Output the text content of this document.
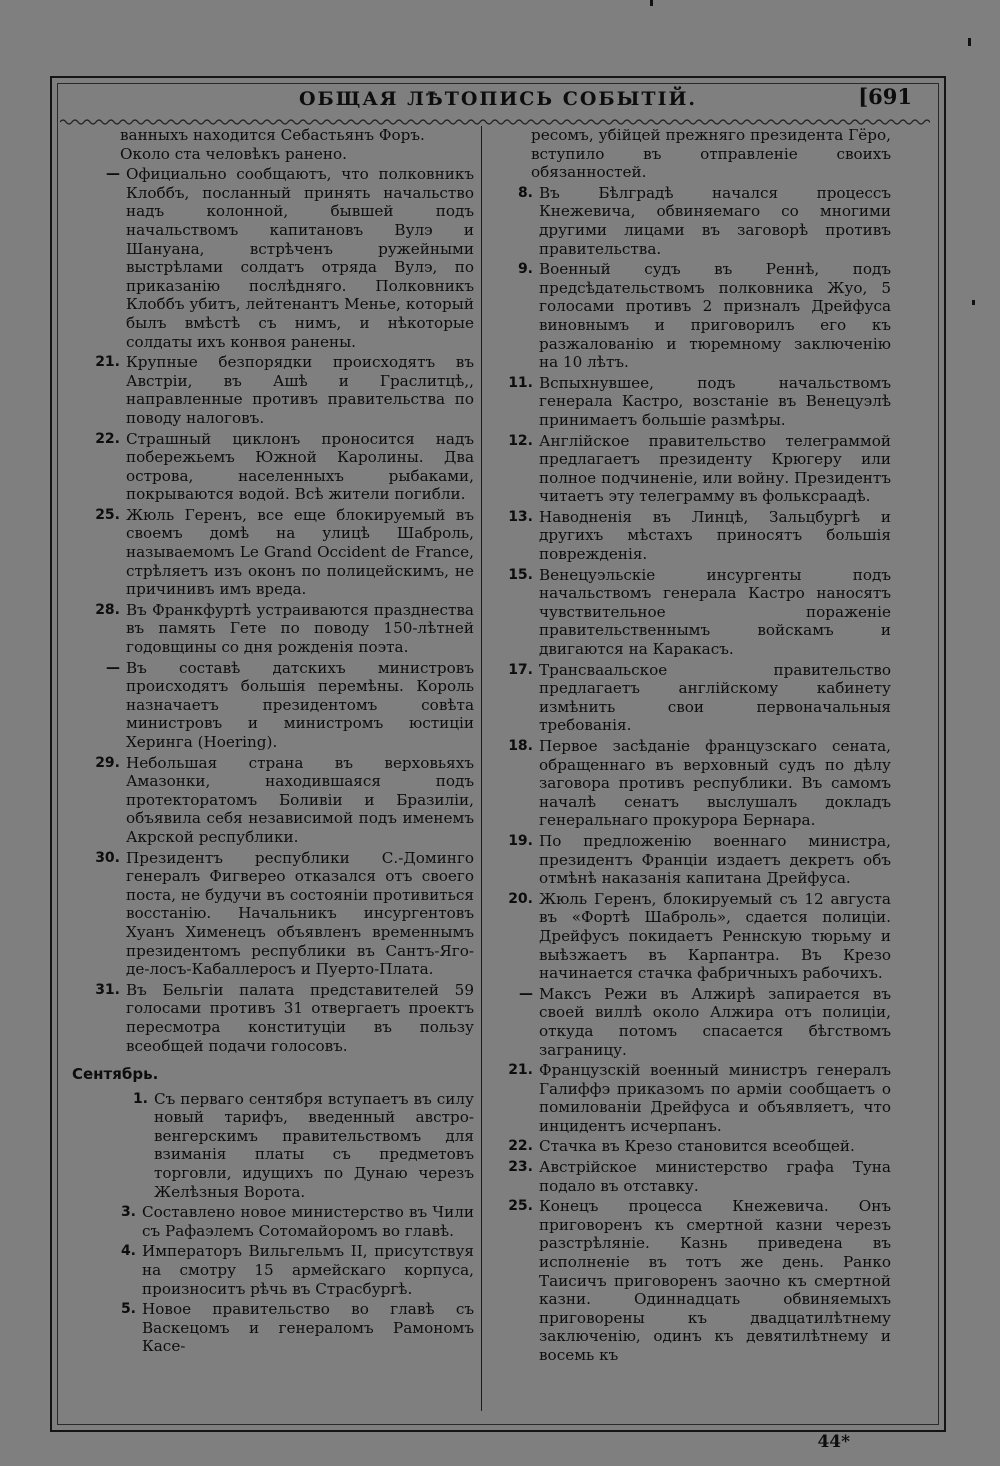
ОБЩАЯ ЛѢТОПИСЬ СОБЫТІЙ.	[691
ванныхъ находится Себастьянъ Форъ.
Около ста человѣкъ ранено.
— Официально сообщаютъ, что полковникъ Клоббъ, посланный принять начальство надъ колонной, бывшей подъ начальствомъ капитановъ Вулэ и Шануана, встрѣченъ ружейными выстрѣлами солдатъ отряда Вулэ, по приказанію послѣдняго. Полковникъ Клоббъ убитъ, лейтенантъ Менье, который былъ вмѣстѣ съ нимъ, и нѣкоторые солдаты ихъ конвоя ранены.
21. Крупные безпорядки происходятъ въ Австріи, въ Ашѣ и Граслитцѣ,, направленные противъ правительства по поводу налоговъ.
22. Страшный циклонъ проносится надъ побережьемъ Южной Каролины. Два острова, населенныхъ рыбаками, покрываются водой. Всѣ жители погибли.
25. Жюль Геренъ, все еще блокируемый въ своемъ домѣ на улицѣ Шаброль, называемомъ Le Grand Occident de France, стрѣляетъ изъ оконъ по полицейскимъ, не причинивъ имъ вреда.
28. Въ Франкфуртѣ устраиваются празднества въ память Гете по поводу 150-лѣтней годовщины со дня рожденія поэта.
— Въ составѣ датскихъ министровъ происходятъ большія перемѣны. Король назначаетъ президентомъ совѣта министровъ и министромъ юстиціи Херинга (Hoering).
29. Небольшая страна въ верховьяхъ Амазонки, находившаяся подъ протекторатомъ Боливіи и Бразиліи, объявила себя независимой подъ именемъ Акрской республики.
30. Президентъ республики С.-Доминго генералъ Фигвереo отказался отъ своего поста, не будучи въ состояніи противиться восстанію. Начальникъ инсургентовъ Хуанъ Хименецъ объявленъ временнымъ президентомъ республики въ Сантъ-Яго-де-лосъ-Кабаллеросъ и Пуерто-Плата.
31. Въ Бельгіи палата представителей 59 голосами противъ 31 отвергаетъ проектъ пересмотра конституціи въ пользу всеобщей подачи голосовъ.
Сентябрь.
1. Съ перваго сентября вступаетъ въ силу новый тарифъ, введенный австро-венгерскимъ правительствомъ для взиманія платы съ предметовъ торговли, идущихъ по Дунаю черезъ Желѣзныя Ворота.
3. Составлено новое министерство въ Чили съ Рафаэлемъ Сотомайоромъ во главѣ.
4. Императоръ Вильгельмъ II, присутствуя на смотру 15 армейскаго корпуса, произноситъ рѣчь въ Страсбургѣ.
5. Новое правительство во главѣ съ Васкецомъ и генераломъ Рамономъ Касе-
ресомъ, убійцей прежняго президента Гёро, вступило въ отправленіе своихъ обязанностей.
8. Въ Бѣлградѣ начался процессъ Кнежевича, обвиняемаго со многими другими лицами въ заговорѣ противъ правительства.
9. Военный судъ въ Реннѣ, подъ предсѣдательствомъ полковника Жуо, 5 голосами противъ 2 призналъ Дрейфуса виновнымъ и приговорилъ его къ разжалованію и тюремному заключенію на 10 лѣтъ.
11. Вспыхнувшее, подъ начальствомъ генерала Кастро, возстаніе въ Венецуэлѣ принимаетъ большіе размѣры.
12. Англійское правительство телеграммой предлагаетъ президенту Крюгеру или полное подчиненіе, или войну. Президентъ читаетъ эту телеграмму въ фольксраадѣ.
13. Наводненія въ Линцѣ, Зальцбургѣ и другихъ мѣстахъ приносятъ большія поврежденія.
15. Венецуэльскіе инсургенты подъ начальствомъ генерала Кастро наносятъ чувствительное пораженіе правительственнымъ войскамъ и двигаются на Каракасъ.
17. Трансваальское правительство предлагаетъ англійскому кабинету измѣнить свои первоначальныя требованія.
18. Первое засѣданіе французскаго сената, обращеннаго въ верховный судъ по дѣлу заговора противъ республики. Въ самомъ началѣ сенатъ выслушалъ докладъ генеральнаго прокурора Бернара.
19. По предложенію военнаго министра, президентъ Франціи издаетъ декретъ объ отмѣнѣ наказанія капитана Дрейфуса.
20. Жюль Геренъ, блокируемый съ 12 августа въ «Фортѣ Шаброль», сдается полиціи. Дрейфусъ покидаетъ Реннскую тюрьму и выѣзжаетъ въ Карпантра. Въ Крезо начинается стачка фабричныхъ рабочихъ.
— Максъ Режи въ Алжирѣ запирается въ своей виллѣ около Алжира отъ полиціи, откуда потомъ спасается бѣгствомъ заграницу.
21. Французскій военный министръ генералъ Галиффэ приказомъ по арміи сообщаетъ о помилованіи Дрейфуса и объявляетъ, что инцидентъ исчерпанъ.
22. Стачка въ Крезо становится всеобщей.
23. Австрійское министерство графа Туна подало въ отставку.
25. Конецъ процесса Кнежевича. Онъ приговоренъ къ смертной казни черезъ разстрѣляніе. Казнь приведена въ исполненіе въ тотъ же день. Ранко Таисичъ приговоренъ заочно къ смертной казни. Одиннадцать обвиняемыхъ приговорены къ двадцатилѣтнему заключенію, одинъ къ девятилѣтнему и восемь къ
44*
